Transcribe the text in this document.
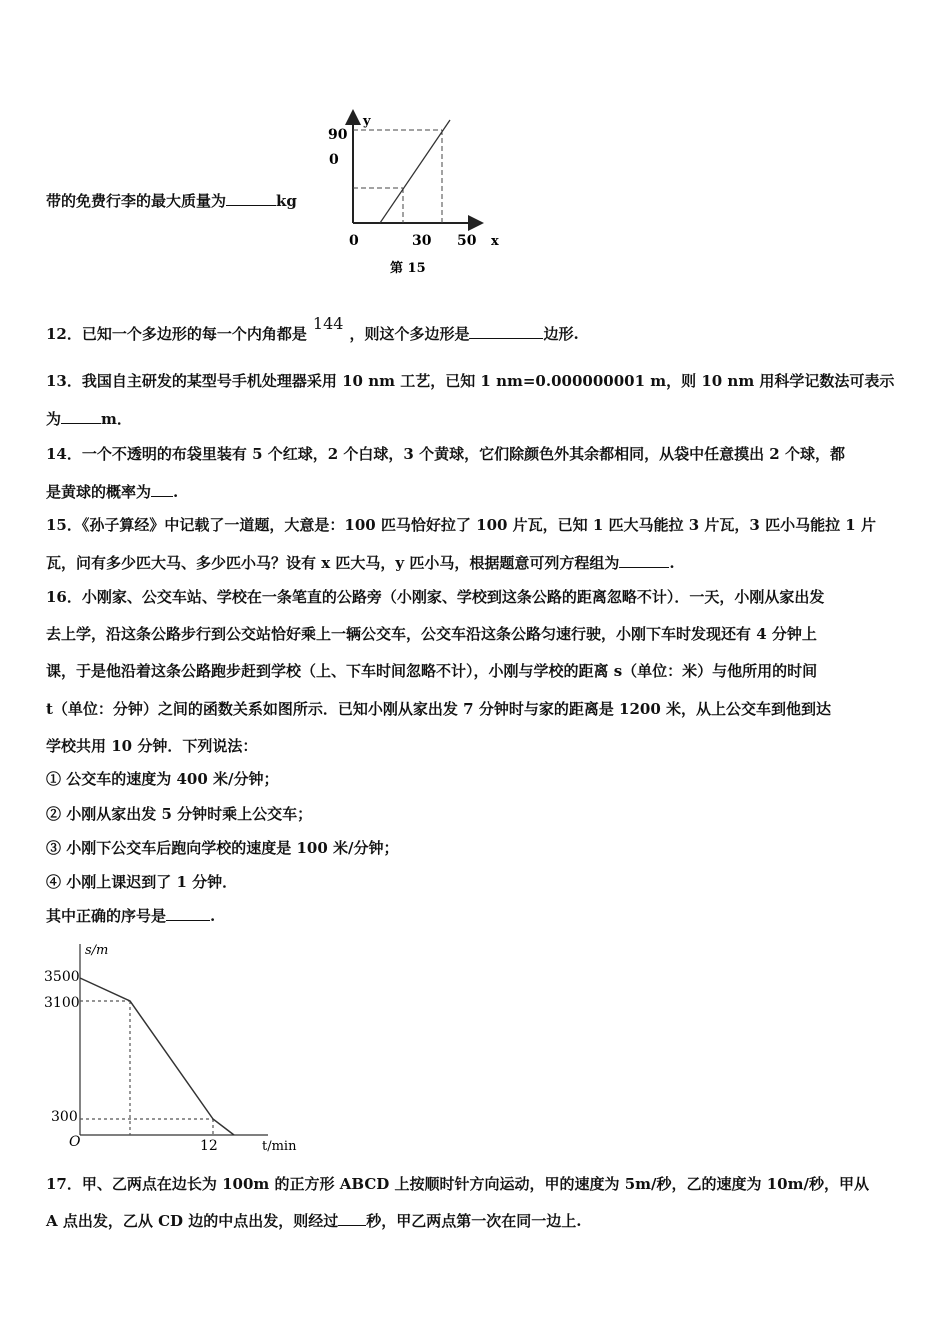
带的免费行李的最大质量为	kg
y
90
0
0	30 50 x
第 15
12．已知一个多边形的每一个内角都是144，则这个多边形是	边形.
13．我国自主研发的某型号手机处理器采用 10 nm 工艺，已知 1 nm=0.000000001 m，则 10 nm 用科学记数法可表示
为	m．
14．一个不透明的布袋里装有 5 个红球，2 个白球，3 个黄球，它们除颜色外其余都相同，从袋中任意摸出 2 个球，都
是黄球的概率为 .
15．《孙子算经》中记载了一道题，大意是：100 匹马恰好拉了 100 片瓦，已知 1 匹大马能拉 3 片瓦，3 匹小马能拉 1 片
瓦，问有多少匹大马、多少匹小马？设有 x 匹大马，y 匹小马，根据题意可列方程组为	.
16．小刚家、公交车站、学校在一条笔直的公路旁（小刚家、学校到这条公路的距离忽略不计）．一天，小刚从家出发
去上学，沿这条公路步行到公交站恰好乘上一辆公交车，公交车沿这条公路匀速行驶，小刚下车时发现还有 4 分钟上
课，于是他沿着这条公路跑步赶到学校（上、下车时间忽略不计），小刚与学校的距离 s（单位：米）与他所用的时间
t（单位：分钟）之间的函数关系如图所示．已知小刚从家出发 7 分钟时与家的距离是 1200 米，从上公交车到他到达
学校共用 10 分钟．下列说法：
① 公交车的速度为 400 米/分钟；
② 小刚从家出发 5 分钟时乘上公交车；
③ 小刚下公交车后跑向学校的速度是 100 米/分钟；
④ 小刚上课迟到了 1 分钟．
其中正确的序号是	.
s/m
3500
3100
300
O	12	t/min
17．甲、乙两点在边长为 100m 的正方形 ABCD 上按顺时针方向运动，甲的速度为 5m/秒，乙的速度为 10m/秒，甲从
A 点出发，乙从 CD 边的中点出发，则经过 秒，甲乙两点第一次在同一边上.
